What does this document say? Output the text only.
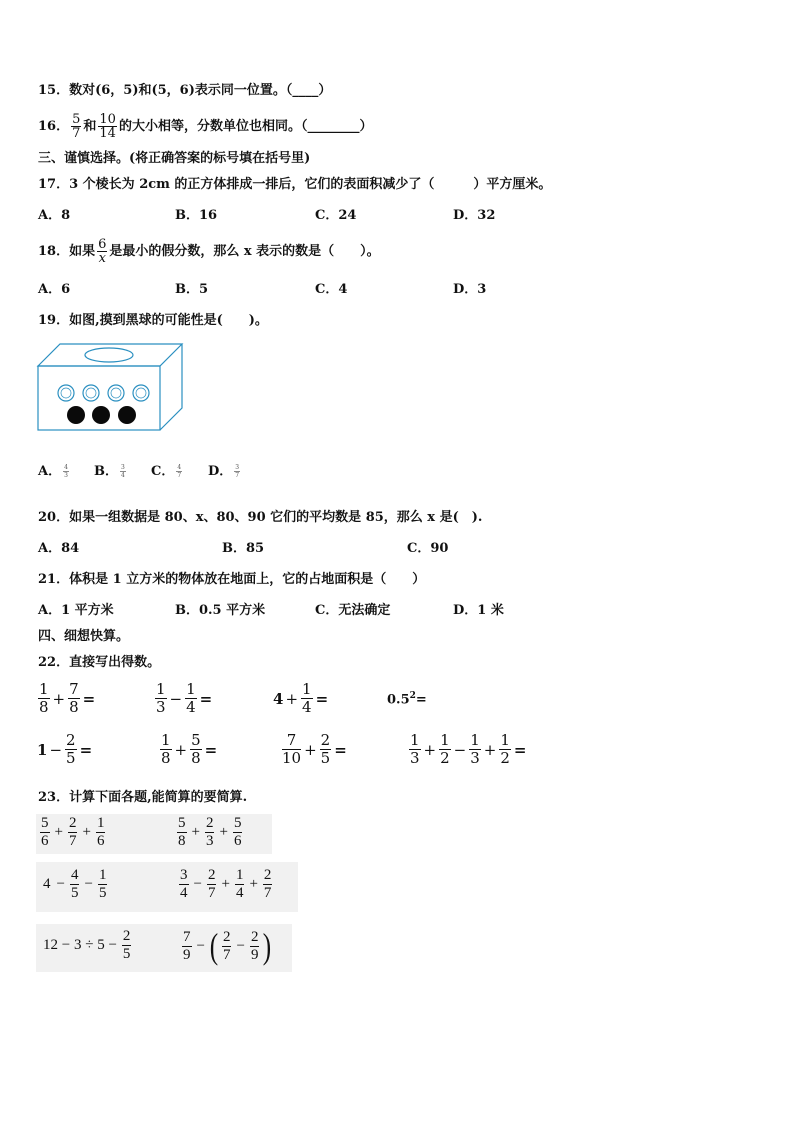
15．数对(6，5)和(5，6)表示同一位置。（____）
16． $\frac{5}{7}$ 和 $\frac{10}{14}$ 的大小相等，分数单位也相同。（________）
三、谨慎选择。(将正确答案的标号填在括号里)
17．3 个棱长为 2cm 的正方体排成一排后，它们的表面积减少了（　　　）平方厘米。
A．8	B．16	C．24	D．32
18．如果 $\frac{6}{x}$ 是最小的假分数，那么 x 表示的数是（　　）。
A．6	B．5	C．4	D．3
19．如图,摸到黑球的可能性是(　　)。
A． $\frac{4}{3}$ B． $\frac{3}{4}$ C． $\frac{4}{7}$ D． $\frac{3}{7}$
20．如果一组数据是 80、x、80、90 它们的平均数是 85，那么 x 是(　).
A．84	B．85	C．90
21．体积是 1 立方米的物体放在地面上，它的占地面积是（　　）
A．1 平方米	B．0.5 平方米	C．无法确定	D．1 米
四、细想快算。
22．直接写出得数。
$\frac{1}{8} + \frac{7}{8}$ =	$\frac{1}{3} - \frac{1}{4}$ =	$4 + \frac{1}{4}$ =	$0.5^2=$
$1 - \frac{2}{5}$ =	$\frac{1}{8} + \frac{5}{8}$ =	$\frac{7}{10} + \frac{2}{5}$ =	$\frac{1}{3} + \frac{1}{2} - \frac{1}{3} + \frac{1}{2}$ =
23．计算下面各题,能简算的要简算.
$\frac{5}{6} + \frac{2}{7} + \frac{1}{6}$	$\frac{5}{8} + \frac{2}{3} + \frac{5}{6}$
$4 - \frac{4}{5} - \frac{1}{5}$	$\frac{3}{4} - \frac{2}{7} + \frac{1}{4} + \frac{2}{7}$
$12 - 3 \div 5 - \frac{2}{5}$	$\frac{7}{9}$ − ( $\frac{2}{7} - \frac{2}{9}$ )
